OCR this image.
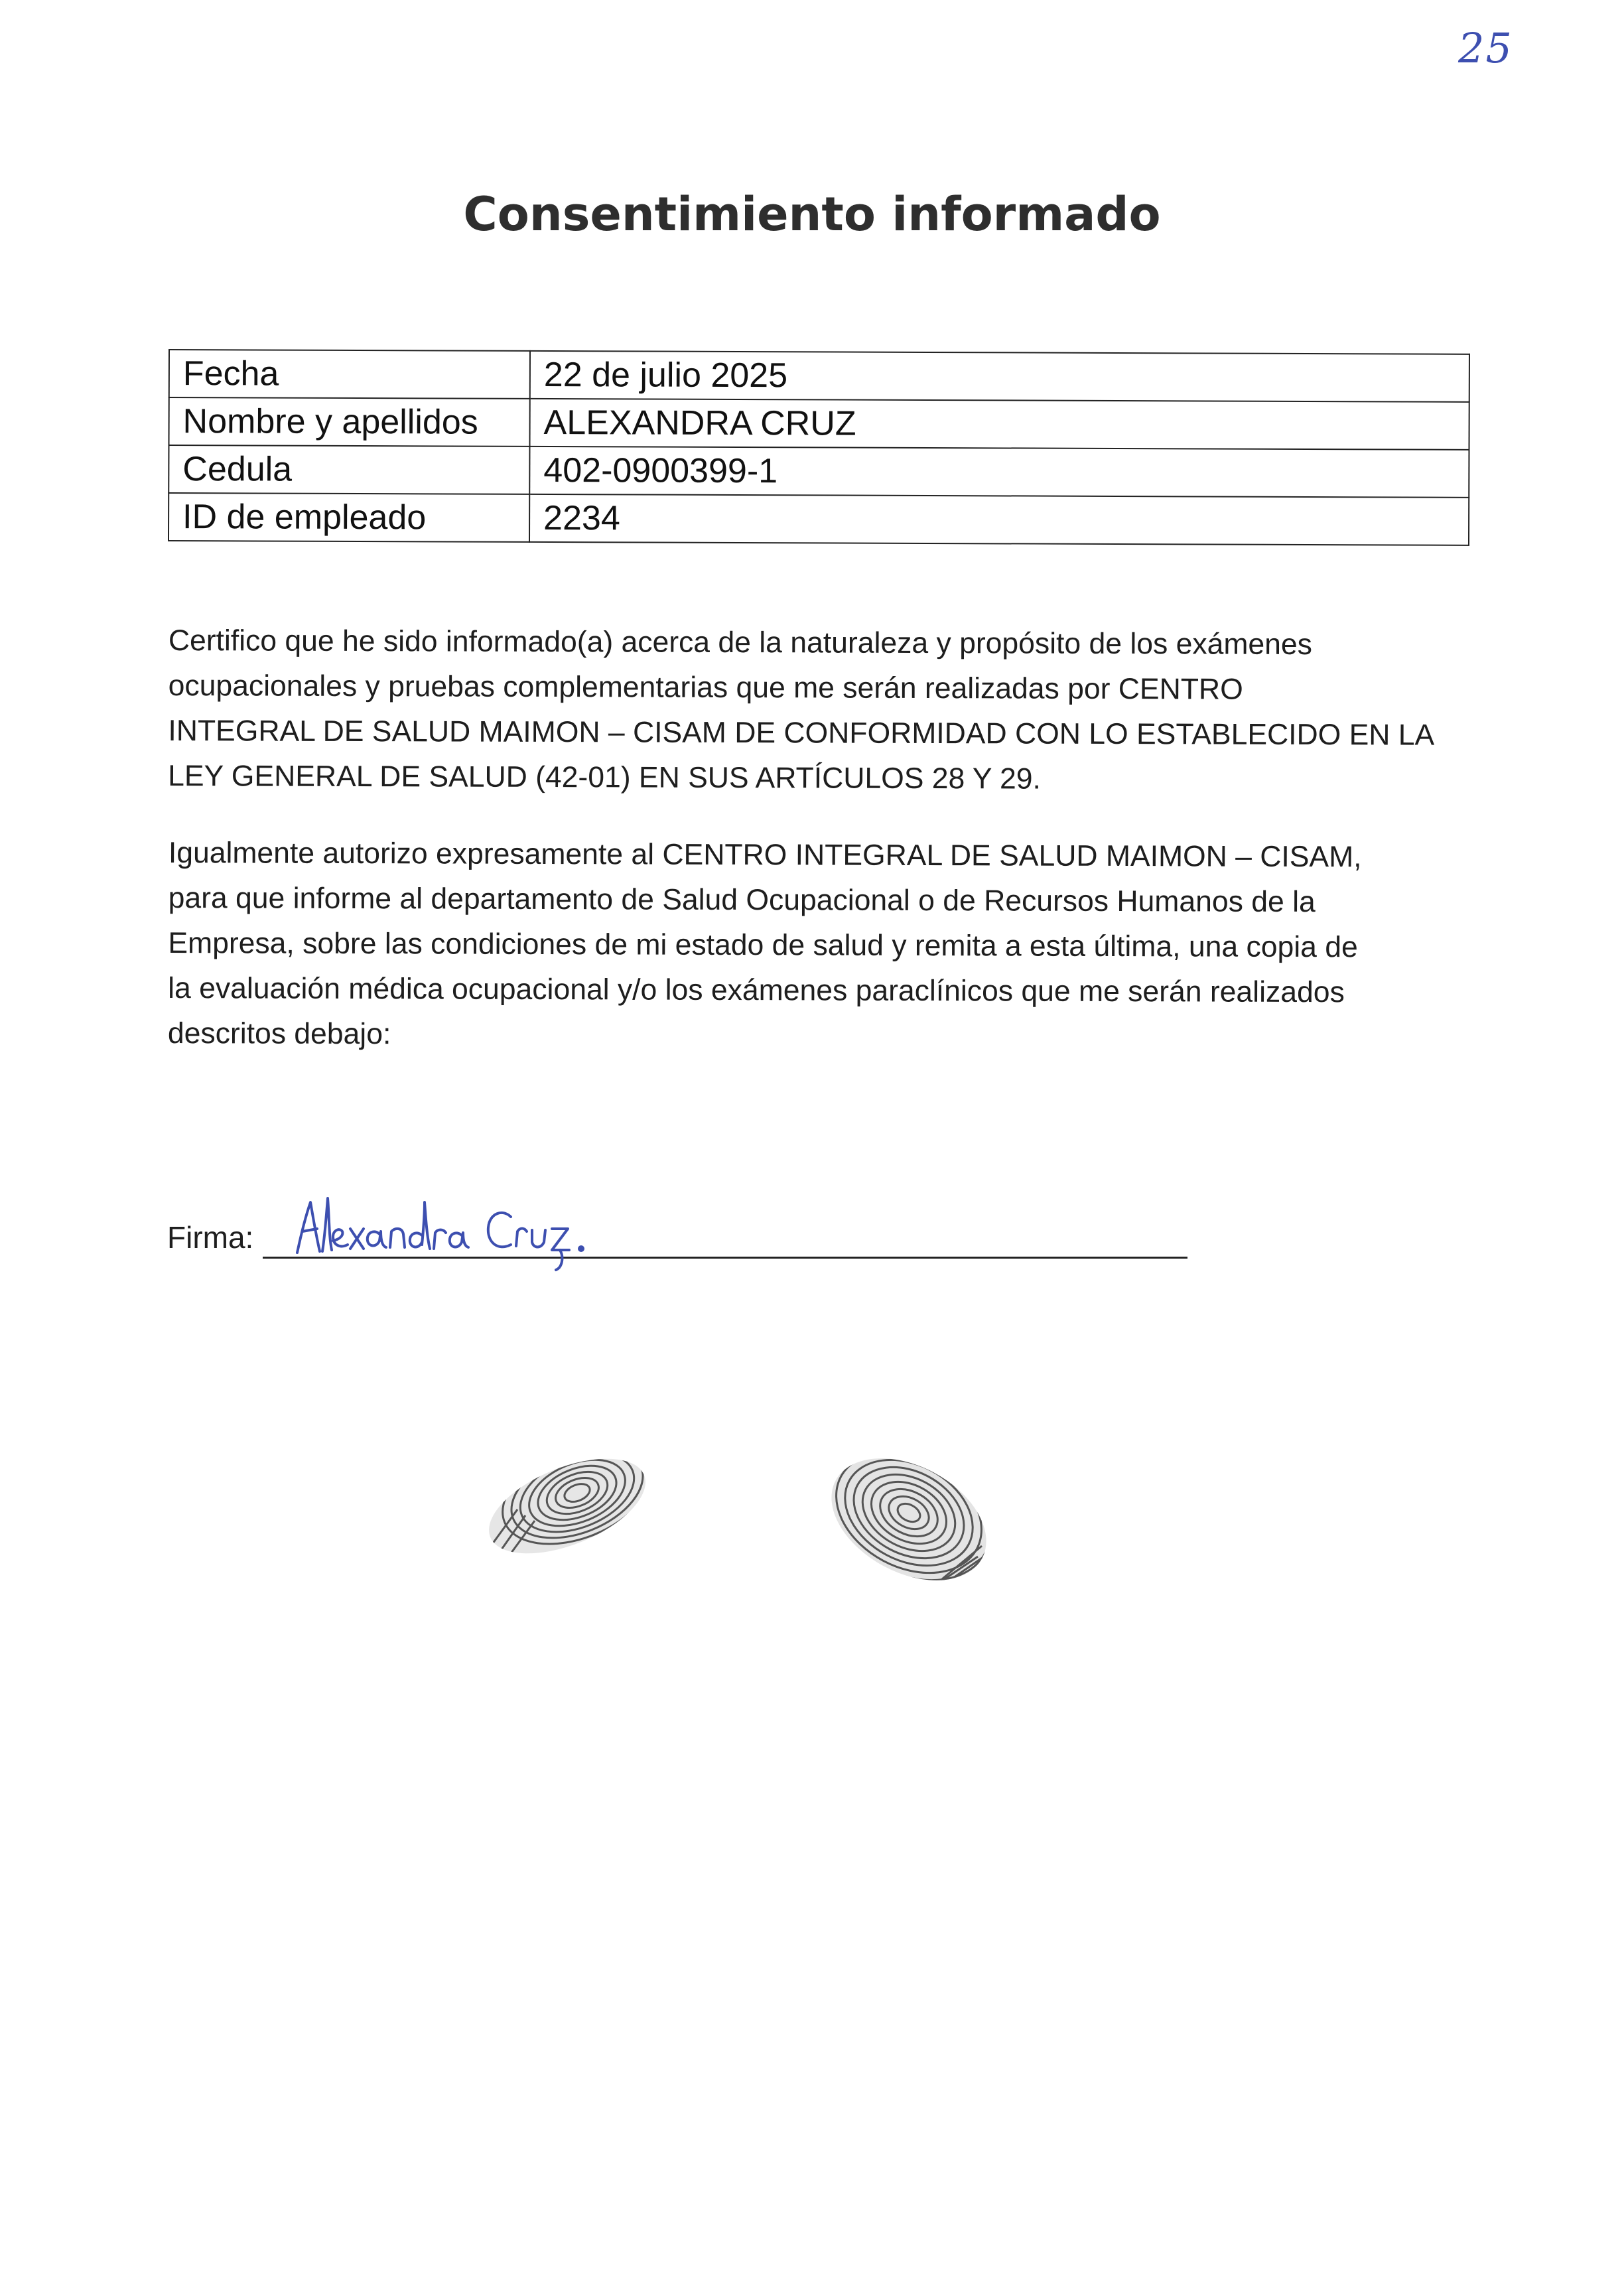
25
Consentimiento informado
Fecha	22 de julio 2025
Nombre y apellidos	ALEXANDRA CRUZ
Cedula	402-0900399-1
ID de empleado	2234

Certifico que he sido informado(a) acerca de la naturaleza y propósito de los exámenes
ocupacionales y pruebas complementarias que me serán realizadas por CENTRO
INTEGRAL DE SALUD MAIMON – CISAM DE CONFORMIDAD CON LO ESTABLECIDO EN LA
LEY GENERAL DE SALUD (42-01) EN SUS ARTÍCULOS 28 Y 29.

Igualmente autorizo expresamente al CENTRO INTEGRAL DE SALUD MAIMON – CISAM,
para que informe al departamento de Salud Ocupacional o de Recursos Humanos de la
Empresa, sobre las condiciones de mi estado de salud y remita a esta última, una copia de
la evaluación médica ocupacional y/o los exámenes paraclínicos que me serán realizados
descritos debajo:

Firma:
